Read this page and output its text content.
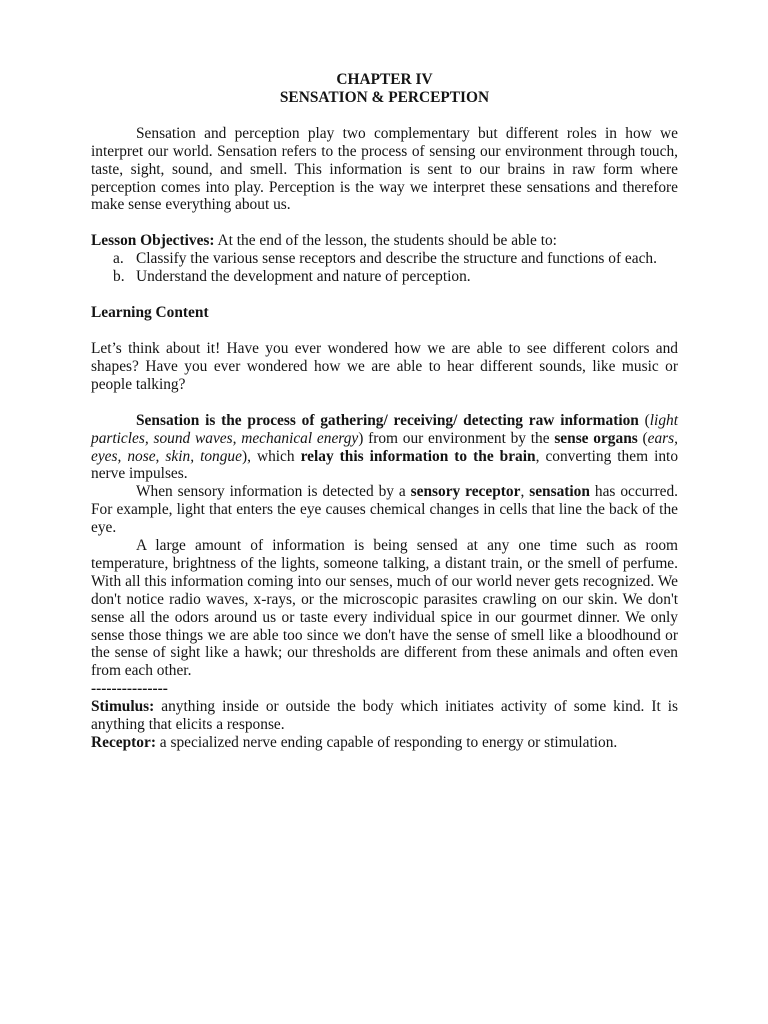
CHAPTER IV

SENSATION & PERCEPTION

Sensation and perception play two complementary but different roles in how we interpret our world. Sensation refers to the process of sensing our environment through touch, taste, sight, sound, and smell. This information is sent to our brains in raw form where perception comes into play. Perception is the way we interpret these sensations and therefore make sense everything about us.

Lesson Objectives: At the end of the lesson, the students should be able to:

a. Classify the various sense receptors and describe the structure and functions of each.
b. Understand the development and nature of perception.

Learning Content

Let’s think about it! Have you ever wondered how we are able to see different colors and shapes? Have you ever wondered how we are able to hear different sounds, like music or people talking?

Sensation is the process of gathering/ receiving/ detecting raw information (light particles, sound waves, mechanical energy) from our environment by the sense organs (ears, eyes, nose, skin, tongue), which relay this information to the brain, converting them into nerve impulses.

When sensory information is detected by a sensory receptor, sensation has occurred. For example, light that enters the eye causes chemical changes in cells that line the back of the eye.

A large amount of information is being sensed at any one time such as room temperature, brightness of the lights, someone talking, a distant train, or the smell of perfume. With all this information coming into our senses, much of our world never gets recognized. We don't notice radio waves, x-rays, or the microscopic parasites crawling on our skin. We don't sense all the odors around us or taste every individual spice in our gourmet dinner. We only sense those things we are able too since we don't have the sense of smell like a bloodhound or the sense of sight like a hawk; our thresholds are different from these animals and often even from each other.

---------------

Stimulus: anything inside or outside the body which initiates activity of some kind. It is anything that elicits a response.

Receptor: a specialized nerve ending capable of responding to energy or stimulation.
